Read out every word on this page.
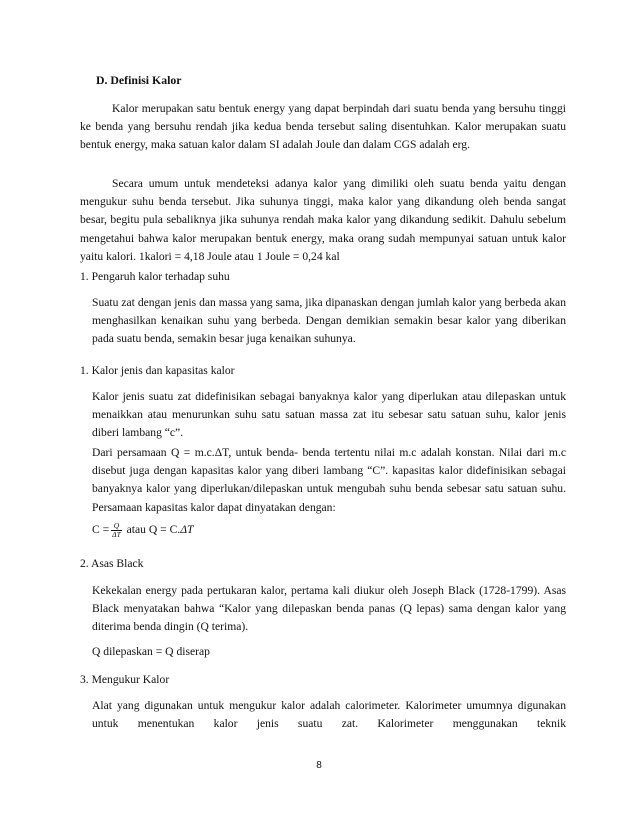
D. Definisi Kalor

Kalor merupakan satu bentuk energy yang dapat berpindah dari suatu benda yang bersuhu tinggi ke benda yang bersuhu rendah jika kedua benda tersebut saling disentuhkan. Kalor merupakan suatu bentuk energy, maka satuan kalor dalam SI adalah Joule dan dalam CGS adalah erg.

Secara umum untuk mendeteksi adanya kalor yang dimiliki oleh suatu benda yaitu dengan mengukur suhu benda tersebut. Jika suhunya tinggi, maka kalor yang dikandung oleh benda sangat besar, begitu pula sebaliknya jika suhunya rendah maka kalor yang dikandung sedikit. Dahulu sebelum mengetahui bahwa kalor merupakan bentuk energy, maka orang sudah mempunyai satuan untuk kalor yaitu kalori. 1kalori = 4,18 Joule atau 1 Joule = 0,24 kal

1. Pengaruh kalor terhadap suhu

Suatu zat dengan jenis dan massa yang sama, jika dipanaskan dengan jumlah kalor yang berbeda akan menghasilkan kenaikan suhu yang berbeda. Dengan demikian semakin besar kalor yang diberikan pada suatu benda, semakin besar juga kenaikan suhunya.

1. Kalor jenis dan kapasitas kalor

Kalor jenis suatu zat didefinisikan sebagai banyaknya kalor yang diperlukan atau dilepaskan untuk menaikkan atau menurunkan suhu satu satuan massa zat itu sebesar satu satuan suhu, kalor jenis diberi lambang “c”.

Dari persamaan Q = m.c.ΔT, untuk benda- benda tertentu nilai m.c adalah konstan. Nilai dari m.c disebut juga dengan kapasitas kalor yang diberi lambang “C”. kapasitas kalor didefinisikan sebagai banyaknya kalor yang diperlukan/dilepaskan untuk mengubah suhu benda sebesar satu satuan suhu. Persamaan kapasitas kalor dapat dinyatakan dengan:

$C = \frac{Q}{\Delta T}$ atau Q = C.ΔT
2. Asas Black

Kekekalan energy pada pertukaran kalor, pertama kali diukur oleh Joseph Black (1728-1799). Asas Black menyatakan bahwa “Kalor yang dilepaskan benda panas (Q lepas) sama dengan kalor yang diterima benda dingin (Q terima).

Q dilepaskan = Q diserap
3. Mengukur Kalor

Alat yang digunakan untuk mengukur kalor adalah calorimeter. Kalorimeter umumnya digunakan untuk menentukan kalor jenis suatu zat. Kalorimeter menggunakan teknik

8
